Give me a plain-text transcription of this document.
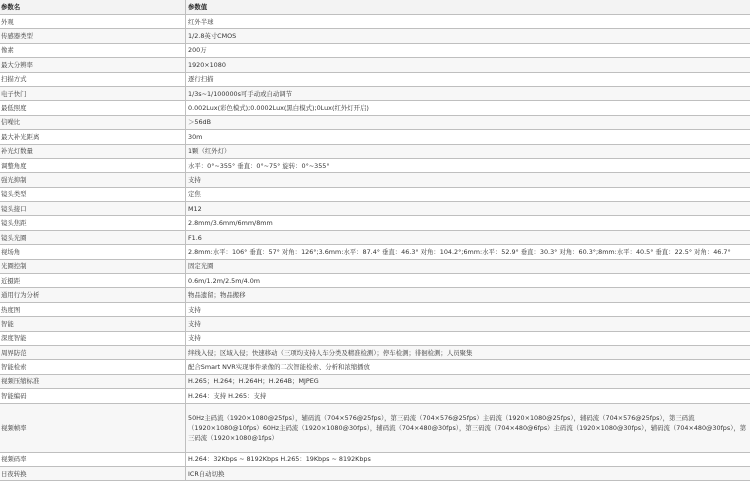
参数名	参数值
外观	红外半球
传感器类型	1/2.8英寸CMOS
像素	200万
最大分辨率	1920×1080
扫描方式	逐行扫描
电子快门	1/3s~1/100000s可手动或自动调节
最低照度	0.002Lux(彩色模式);0.0002Lux(黑白模式);0Lux(红外灯开启)
信噪比	＞56dB
最大补光距离	30m
补光灯数量	1颗（红外灯）
调整角度	水平：0°~355° 垂直：0°~75° 旋转：0°~355°
强光抑制	支持
镜头类型	定焦
镜头接口	M12
镜头焦距	2.8mm/3.6mm/6mm/8mm
镜头光圈	F1.6
视场角	2.8mm:水平：106° 垂直：57° 对角：126°;3.6mm:水平：87.4° 垂直：46.3° 对角：104.2°;6mm:水平：52.9° 垂直：30.3° 对角：60.3°;8mm:水平：40.5° 垂直：22.5° 对角：46.7°
光圈控制	固定光圈
近摄距	0.6m/1.2m/2.5m/4.0m
通用行为分析	物品遗留；物品搬移
热度图	支持
智能	支持
深度智能	支持
周界防范	绊线入侵；区域入侵；快速移动（三项均支持人车分类及精准检测）；停车检测；徘徊检测；人员聚集
智能检索	配合Smart NVR实现事件录像的二次智能检索、分析和浓缩播放
视频压缩标准	H.265；H.264；H.264H；H.264B；MJPEG
智能编码	H.264：支持 H.265：支持
视频帧率	50Hz主码流（1920×1080@25fps），辅码流（704×576@25fps），第三码流（704×576@25fps）主码流（1920×1080@25fps），辅码流（704×576@25fps），第三码流（1920×1080@10fps）60Hz主码流（1920×1080@30fps），辅码流（704×480@30fps），第三码流（704×480@6fps）主码流（1920×1080@30fps），辅码流（704×480@30fps），第三码流（1920×1080@1fps）
视频码率	H.264：32Kbps ~ 8192Kbps H.265：19Kbps ~ 8192Kbps
日夜转换	ICR自动切换
